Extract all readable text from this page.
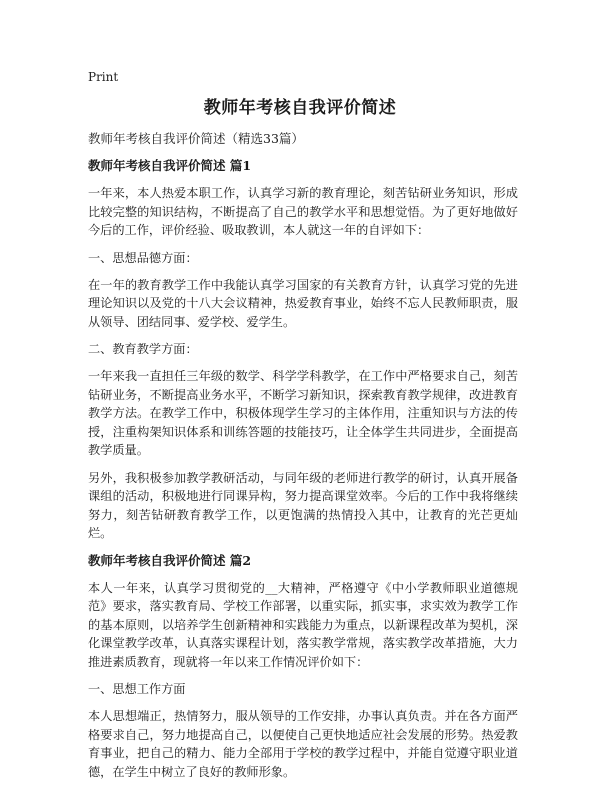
Print
教师年考核自我评价简述

教师年考核自我评价简述（精选33篇）

教师年考核自我评价简述 篇1

一年来，本人热爱本职工作，认真学习新的教育理论，刻苦钻研业务知识，形成比较完整的知识结构，不断提高了自己的教学水平和思想觉悟。为了更好地做好今后的工作，评价经验、吸取教训，本人就这一年的自评如下：

一、思想品德方面：

在一年的教育教学工作中我能认真学习国家的有关教育方针，认真学习党的先进理论知识以及党的十八大会议精神，热爱教育事业，始终不忘人民教师职责，服从领导、团结同事、爱学校、爱学生。

二、教育教学方面：

一年来我一直担任三年级的数学、科学学科教学，在工作中严格要求自己，刻苦钻研业务，不断提高业务水平，不断学习新知识，探索教育教学规律，改进教育教学方法。在教学工作中，积极体现学生学习的主体作用，注重知识与方法的传授，注重构架知识体系和训练答题的技能技巧，让全体学生共同进步，全面提高教学质量。

另外，我积极参加教学教研活动，与同年级的老师进行教学的研讨，认真开展备课组的活动，积极地进行同课异构，努力提高课堂效率。今后的工作中我将继续努力，刻苦钻研教育教学工作，以更饱满的热情投入其中，让教育的光芒更灿烂。

教师年考核自我评价简述 篇2

本人一年来，认真学习贯彻党的__大精神，严格遵守《中小学教师职业道德规范》要求，落实教育局、学校工作部署，以重实际，抓实事，求实效为教学工作的基本原则，以培养学生创新精神和实践能力为重点，以新课程改革为契机，深化课堂教学改革，认真落实课程计划，落实教学常规，落实教学改革措施，大力推进素质教育，现就将一年以来工作情况评价如下：

一、思想工作方面

本人思想端正，热情努力，服从领导的工作安排，办事认真负责。并在各方面严格要求自己，努力地提高自己，以便使自己更快地适应社会发展的形势。热爱教育事业，把自己的精力、能力全部用于学校的教学过程中，并能自觉遵守职业道德，在学生中树立了良好的教师形象。
